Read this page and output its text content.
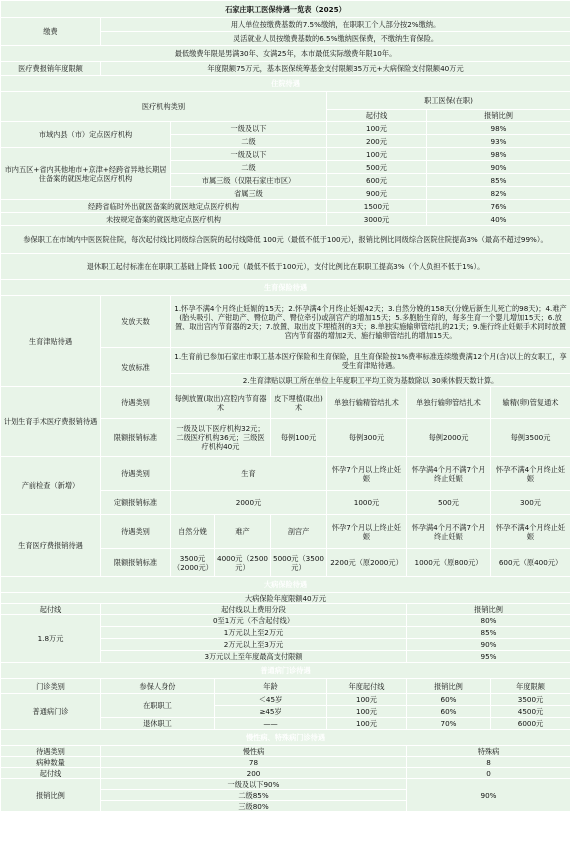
石家庄职工医保待遇一览表（2025）								
缴费	用人单位按缴费基数的7.5%缴纳，在职职工个人部分按2%缴纳。							
	灵活就业人员按缴费基数的6.5%缴纳医保费，不缴纳生育保险。							
最低缴费年限是男满30年、女满25年，本市最低实际缴费年限10年。								
医疗费报销年度限额	年度限额75万元，基本医保统筹基金支付限额35万元+大病保险支付限额40万元							
住院待遇								
医疗机构类别					职工医保(在职)			
					起付线		报销比例	
市域内县（市）定点医疗机构		一级及以下			100元		98%	
		二级			200元		93%	
市内五区+省内其他地市+京津+经跨省异地长期居住备案的就医地定点医疗机构		一级及以下			100元		98%	
		二级			500元		90%	
		市属三级（仅限石家庄市区）			600元		85%	
		省属三级			900元		82%	
经跨省临时外出就医备案的就医地定点医疗机构					1500元		76%	
未按规定备案的就医地定点医疗机构					3000元		40%	
参保职工在市域内中医医院住院，每次起付线比同级综合医院的起付线降低 100元（最低不低于100元），报销比例比同级综合医院住院提高3%（最高不超过99%）。								
退休职工起付标准在在职职工基础上降低 100元（最低不低于100元），支付比例比在职职工提高3%（个人负担不低于1%）。								
生育保险待遇								
生育津贴待遇	发放天数	1.怀孕不满4个月终止妊娠的15天；2.怀孕满4个月终止妊娠42天；3.自然分娩的158天(分娩后新生儿死亡的98天)；4.难产(胎头吸引、产钳助产、臀位助产、臀位牵引)或剖宫产的增加15天；5.多胞胎生育的，每多生育一个婴儿增加15天；6.放置、取出宫内节育器的2天；7.放置、取出皮下埋植剂的3天；8.单独实施输卵管结扎的21天；9.施行终止妊娠手术同时放置宫内节育器的增加2天、施行输卵管结扎的增加15天。						
	发放标准	1.生育前已参加石家庄市职工基本医疗保险和生育保险，且生育保险按1%费率标准连续缴费满12个月(含)以上的女职工，享受生育津贴待遇。						
		2.生育津贴以职工所在单位上年度职工平均工资为基数除以 30乘休假天数计算。						
计划生育手术医疗费报销待遇	待遇类别	每例放置(取出)宫腔内节育器术		皮下埋植(取出)术	单独行输精管结扎术	单独行输卵管结扎术		输精(卵)管复通术
	限额报销标准	一级及以下医疗机构32元；二级医疗机构36元；三级医疗机构40元		每例100元	每例300元	每例2000元		每例3500元
产前检查（新增）	待遇类别	生育			怀孕7个月以上终止妊娠	怀孕满4个月不满7个月终止妊娠		怀孕不满4个月终止妊娠
	定额报销标准	2000元			1000元	500元		300元
生育医疗费报销待遇	待遇类别	自然分娩	难产	剖宫产	怀孕7个月以上终止妊娠	怀孕满4个月不满7个月终止妊娠		怀孕不满4个月终止妊娠
	限额报销标准	3500元（2000元）	4000元（2500元）	5000元（3500元）	2200元（原2000元）	1000元（原800元）		600元（原400元）
大病保险待遇								
大病保险年度限额40万元								
起付线	起付线以上费用分段					报销比例		
1.8万元	0至1万元（不含起付线）					80%		
	1万元以上至2万元					85%		
	2万元以上至3万元					90%		
	3万元以上至年度最高支付限额					95%		
普通病门诊待遇								
门诊类别	参保人身份		年龄		年度起付线	报销比例		年度限额
普通病门诊	在职职工		＜45岁		100元	60%		3500元
			≥45岁		100元	60%		4500元
	退休职工		——		100元	70%		6000元
慢性病、特殊病门诊待遇								
待遇类别	慢性病					特殊病		
病种数量	78					8		
起付线	200					0		
报销比例	一级及以下90%					90%		
	二级85%							
	三级80%							
